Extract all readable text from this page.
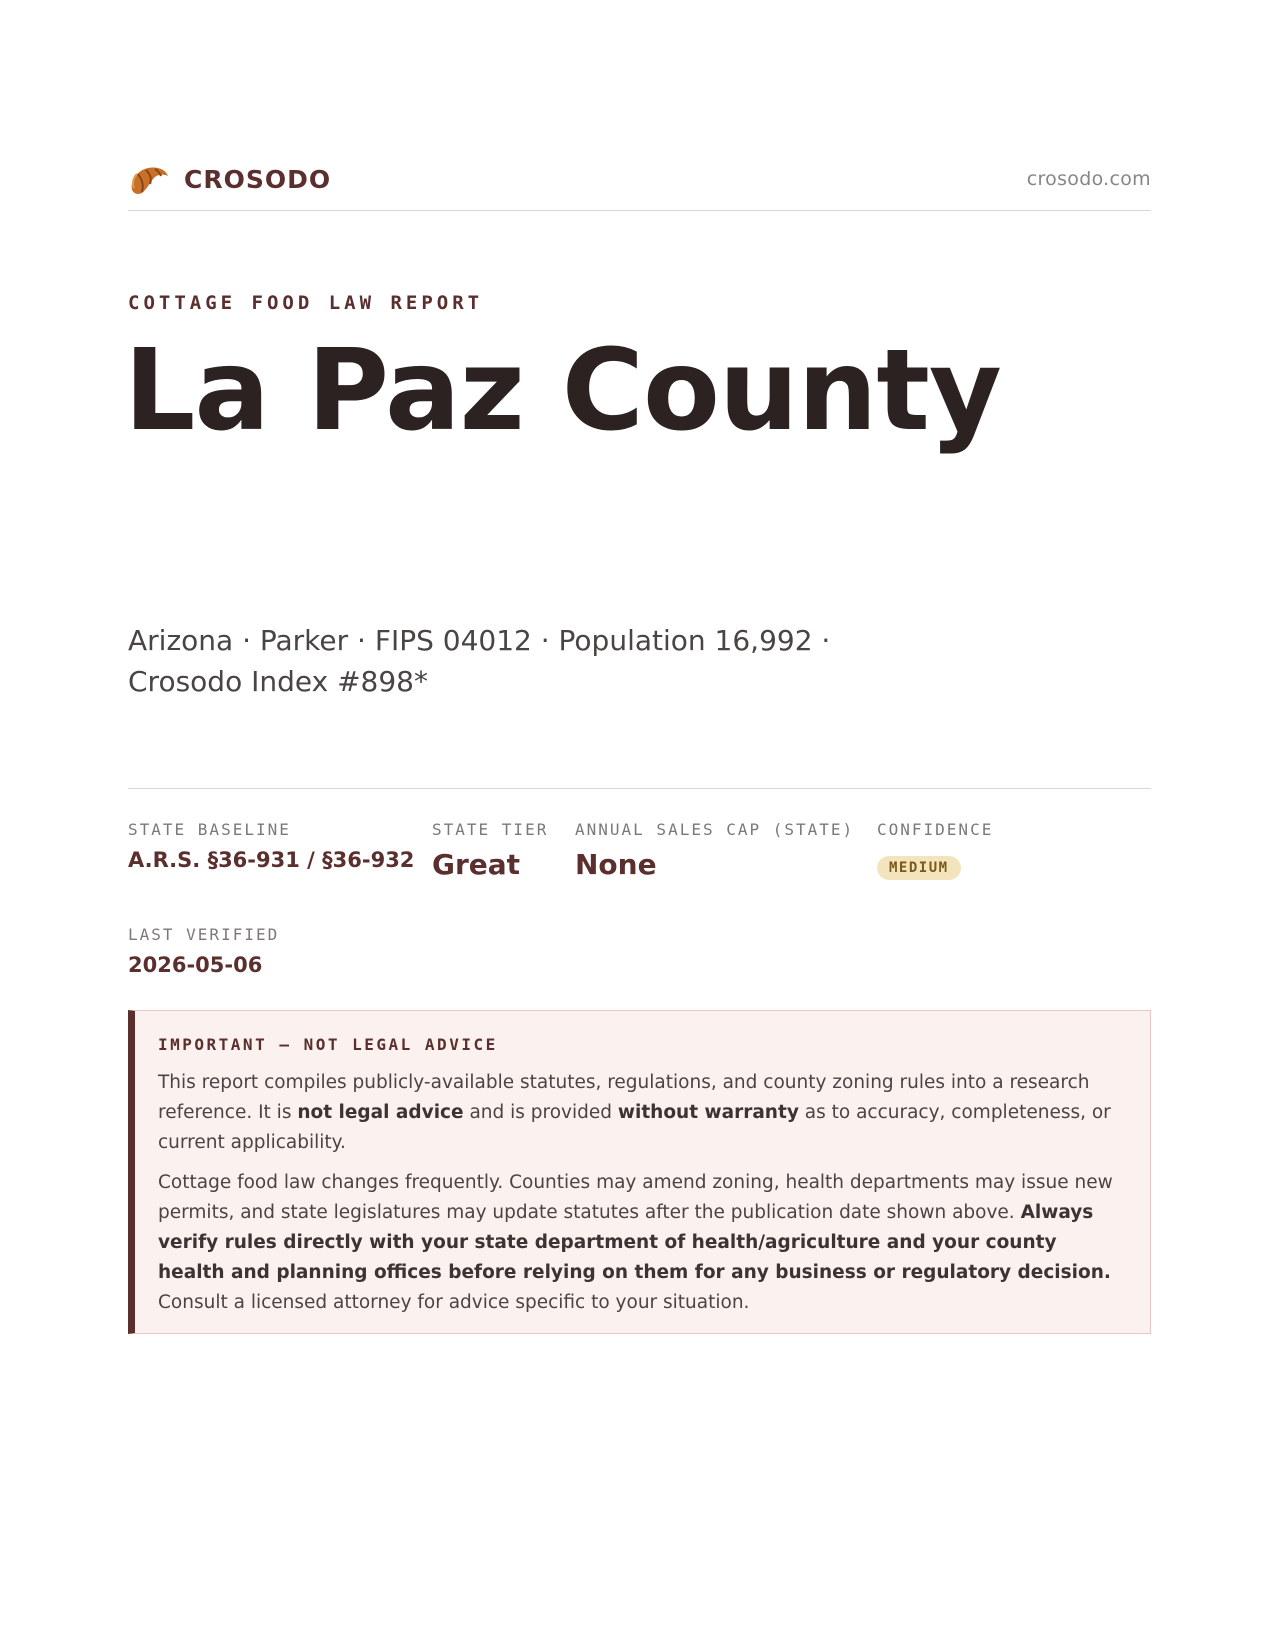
CROSODO	crosodo.com
COTTAGE FOOD LAW REPORT
La Paz County
Arizona · Parker · FIPS 04012 · Population 16,992 · Crosodo Index #898*
STATE BASELINE
A.R.S. §36-931 / §36-932
STATE TIER
Great
ANNUAL SALES CAP (STATE)
None
CONFIDENCE
MEDIUM
LAST VERIFIED
2026-05-06
IMPORTANT — NOT LEGAL ADVICE

This report compiles publicly-available statutes, regulations, and county zoning rules into a research reference. It is not legal advice and is provided without warranty as to accuracy, completeness, or current applicability.

Cottage food law changes frequently. Counties may amend zoning, health departments may issue new permits, and state legislatures may update statutes after the publication date shown above. Always verify rules directly with your state department of health/agriculture and your county health and planning offices before relying on them for any business or regulatory decision. Consult a licensed attorney for advice specific to your situation.
